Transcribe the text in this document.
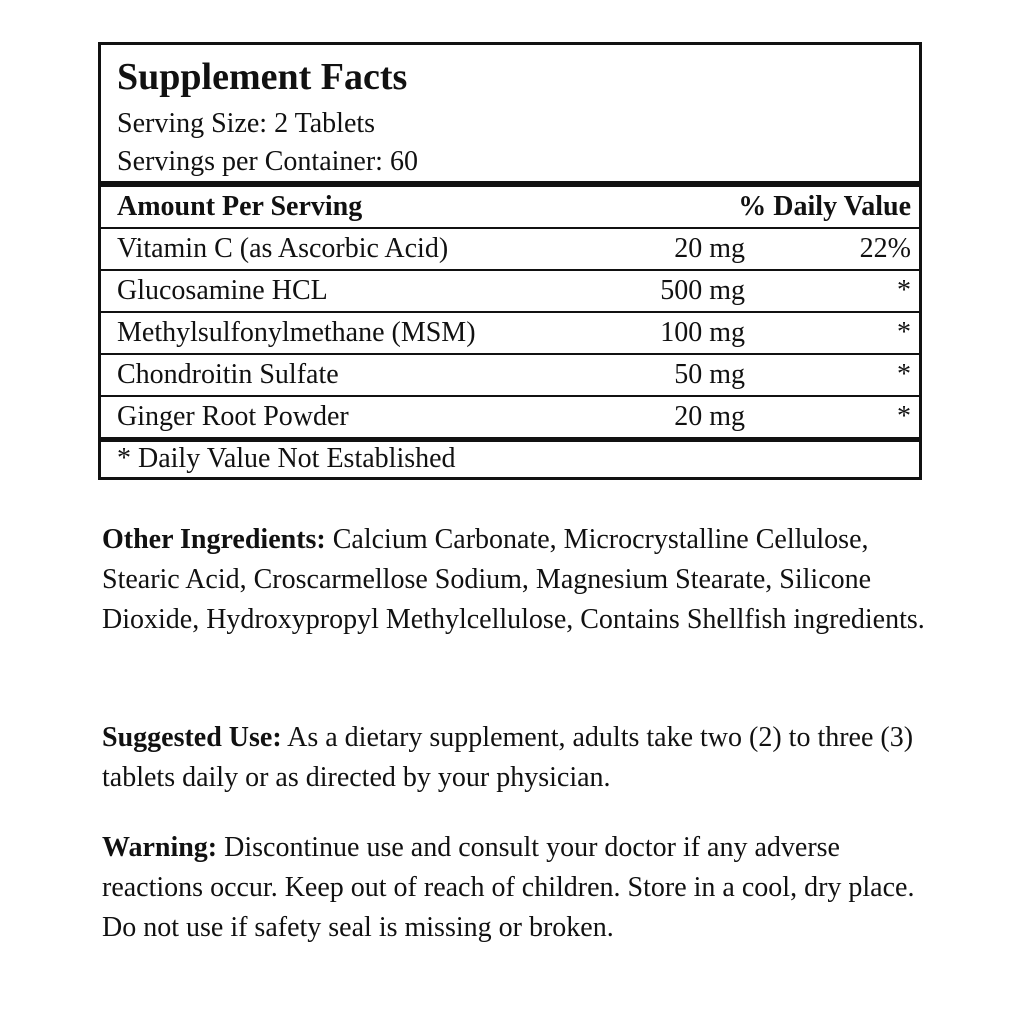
Supplement Facts
Serving Size: 2 Tablets
Servings per Container: 60
Amount Per Serving	% Daily Value
Vitamin C (as Ascorbic Acid)	20 mg	22%
Glucosamine HCL	500 mg	*
Methylsulfonylmethane (MSM)	100 mg	*
Chondroitin Sulfate	50 mg	*
Ginger Root Powder	20 mg	*
* Daily Value Not Established

Other Ingredients: Calcium Carbonate, Microcrystalline Cellulose, Stearic Acid, Croscarmellose Sodium, Magnesium Stearate, Silicone Dioxide, Hydroxypropyl Methylcellulose, Contains Shellfish ingredients.

Suggested Use: As a dietary supplement, adults take two (2) to three (3) tablets daily or as directed by your physician.

Warning: Discontinue use and consult your doctor if any adverse reactions occur. Keep out of reach of children. Store in a cool, dry place. Do not use if safety seal is missing or broken.
